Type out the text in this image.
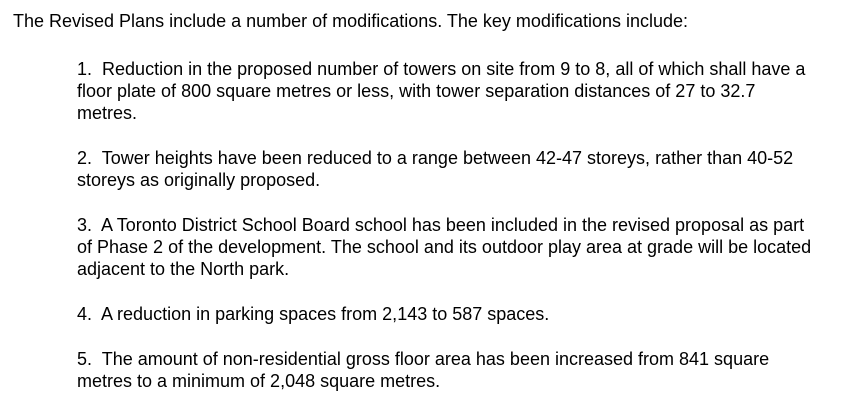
The Revised Plans include a number of modifications. The key modifications include:

1. Reduction in the proposed number of towers on site from 9 to 8, all of which shall have a floor plate of 800 square metres or less, with tower separation distances of 27 to 32.7 metres.
2. Tower heights have been reduced to a range between 42-47 storeys, rather than 40-52 storeys as originally proposed.
3. A Toronto District School Board school has been included in the revised proposal as part of Phase 2 of the development. The school and its outdoor play area at grade will be located adjacent to the North park.
4. A reduction in parking spaces from 2,143 to 587 spaces.
5. The amount of non-residential gross floor area has been increased from 841 square metres to a minimum of 2,048 square metres.
